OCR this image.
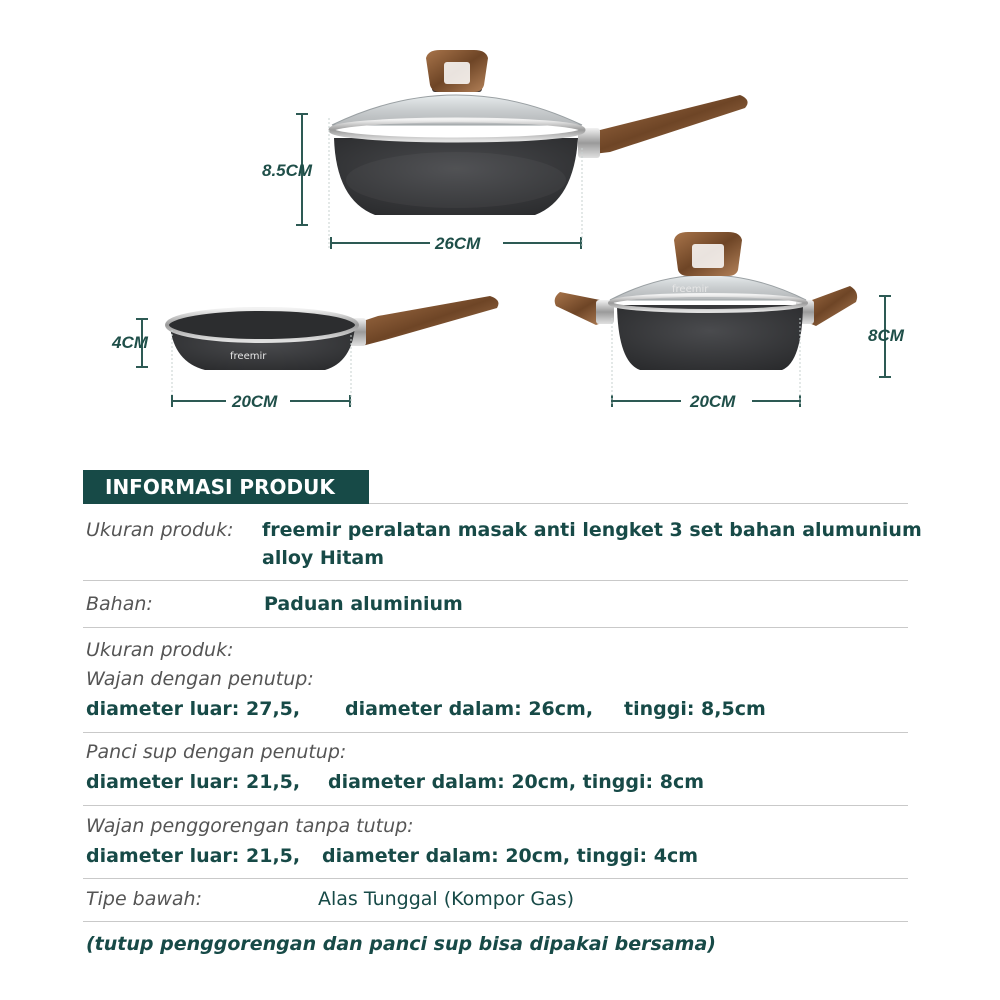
freemir
freemir
8.5CM
26CM
4CM
20CM
8CM
20CM
INFORMASI PRODUK
Ukuran produk: freemir peralatan masak anti lengket 3 set bahan alumunium
alloy Hitam
Bahan:	Paduan aluminium
Ukuran produk:
Wajan dengan penutup:
diameter luar: 27,5, diameter dalam: 26cm, tinggi: 8,5cm
Panci sup dengan penutup:
diameter luar: 21,5, diameter dalam: 20cm, tinggi: 8cm
Wajan penggorengan tanpa tutup:
diameter luar: 21,5, diameter dalam: 20cm, tinggi: 4cm
Tipe bawah:	Alas Tunggal (Kompor Gas)
(tutup penggorengan dan panci sup bisa dipakai bersama)
